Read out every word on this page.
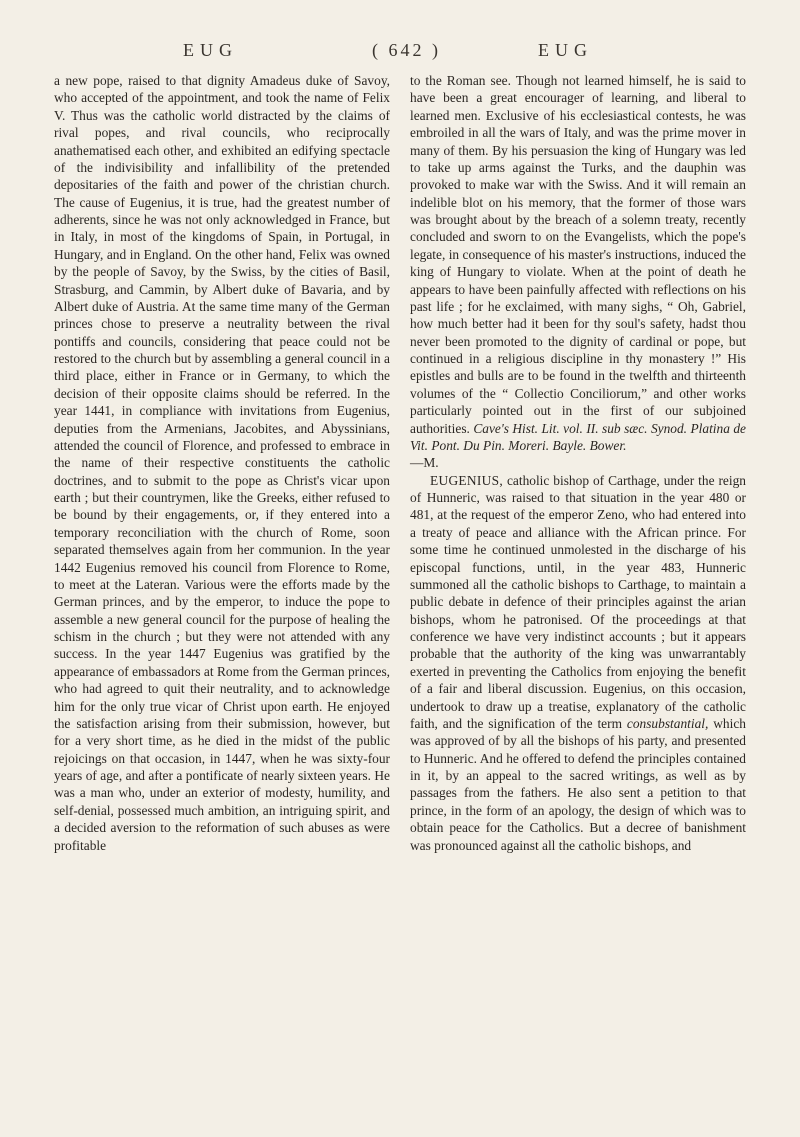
EUG	( 642 )	EUG

a new pope, raised to that dignity Amadeus duke of Savoy, who accepted of the appointment, and took the name of Felix V. Thus was the catholic world distracted by the claims of rival popes, and rival councils, who reciprocally anathematised each other, and exhibited an edifying spectacle of the indivisibility and infallibility of the pretended depositaries of the faith and power of the christian church. The cause of Eugenius, it is true, had the greatest number of adherents, since he was not only acknowledged in France, but in Italy, in most of the kingdoms of Spain, in Portugal, in Hungary, and in England. On the other hand, Felix was owned by the people of Savoy, by the Swiss, by the cities of Basil, Strasburg, and Cammin, by Albert duke of Bavaria, and by Albert duke of Austria. At the same time many of the German princes chose to preserve a neutrality between the rival pontiffs and councils, considering that peace could not be restored to the church but by assembling a general council in a third place, either in France or in Germany, to which the decision of their opposite claims should be referred. In the year 1441, in compliance with invitations from Eugenius, deputies from the Armenians, Jacobites, and Abyssinians, attended the council of Florence, and professed to embrace in the name of their respective constituents the catholic doctrines, and to submit to the pope as Christ's vicar upon earth ; but their countrymen, like the Greeks, either refused to be bound by their engagements, or, if they entered into a temporary reconciliation with the church of Rome, soon separated themselves again from her communion. In the year 1442 Eugenius removed his council from Florence to Rome, to meet at the Lateran. Various were the efforts made by the German princes, and by the emperor, to induce the pope to assemble a new general council for the purpose of healing the schism in the church ; but they were not attended with any success. In the year 1447 Eugenius was gratified by the appearance of embassadors at Rome from the German princes, who had agreed to quit their neutrality, and to acknowledge him for the only true vicar of Christ upon earth. He enjoyed the satisfaction arising from their submission, however, but for a very short time, as he died in the midst of the public rejoicings on that occasion, in 1447, when he was sixty-four years of age, and after a pontificate of nearly sixteen years. He was a man who, under an exterior of modesty, humility, and self-denial, possessed much ambition, an intriguing spirit, and a decided aversion to the reformation of such abuses as were profitable

to the Roman see. Though not learned himself, he is said to have been a great encourager of learning, and liberal to learned men. Exclusive of his ecclesiastical contests, he was embroiled in all the wars of Italy, and was the prime mover in many of them. By his persuasion the king of Hungary was led to take up arms against the Turks, and the dauphin was provoked to make war with the Swiss. And it will remain an indelible blot on his memory, that the former of those wars was brought about by the breach of a solemn treaty, recently concluded and sworn to on the Evangelists, which the pope's legate, in consequence of his master's instructions, induced the king of Hungary to violate. When at the point of death he appears to have been painfully affected with reflections on his past life ; for he exclaimed, with many sighs, “ Oh, Gabriel, how much better had it been for thy soul's safety, hadst thou never been promoted to the dignity of cardinal or pope, but continued in a religious discipline in thy monastery !” His epistles and bulls are to be found in the twelfth and thirteenth volumes of the “ Collectio Conciliorum,” and other works particularly pointed out in the first of our subjoined authorities. Cave's Hist. Lit. vol. II. sub sæc. Synod. Platina de Vit. Pont. Du Pin. Moreri. Bayle. Bower.

—M.

EUGENIUS, catholic bishop of Carthage, under the reign of Hunneric, was raised to that situation in the year 480 or 481, at the request of the emperor Zeno, who had entered into a treaty of peace and alliance with the African prince. For some time he continued unmolested in the discharge of his episcopal functions, until, in the year 483, Hunneric summoned all the catholic bishops to Carthage, to maintain a public debate in defence of their principles against the arian bishops, whom he patronised. Of the proceedings at that conference we have very indistinct accounts ; but it appears probable that the authority of the king was unwarrantably exerted in preventing the Catholics from enjoying the benefit of a fair and liberal discussion. Eugenius, on this occasion, undertook to draw up a treatise, explanatory of the catholic faith, and the signification of the term consubstantial, which was approved of by all the bishops of his party, and presented to Hunneric. And he offered to defend the principles contained in it, by an appeal to the sacred writings, as well as by passages from the fathers. He also sent a petition to that prince, in the form of an apology, the design of which was to obtain peace for the Catholics. But a decree of banishment was pronounced against all the catholic bishops, and
